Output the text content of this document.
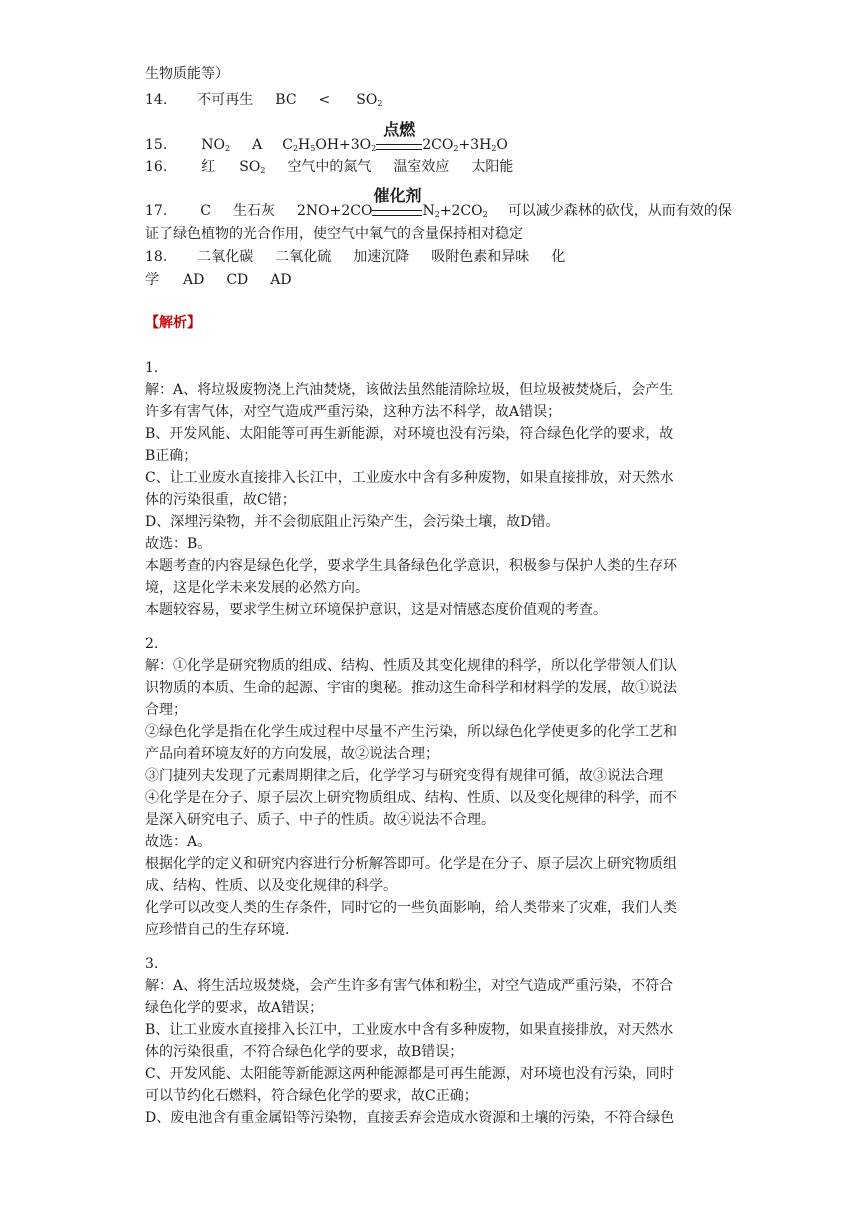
生物质能等）
14. 不可再生 BC < $SO_2$
15. $NO_2$ A $C_2H_5OH+3O_2$
点燃
$2CO_2+3H_2O$
16. 红 $SO_2$ 空气中的氮气 温室效应 太阳能
17. C 生石灰 2NO+2CO
催化剂
$N_2+2CO_2$ 可以减少森林的砍伐，从而有效的保
证了绿色植物的光合作用，使空气中氧气的含量保持相对稳定
18. 二氧化碳 二氧化硫 加速沉降 吸附色素和异味 化
学 AD CD AD
【解析】
1.
解：A、将垃圾废物浇上汽油焚烧，该做法虽然能清除垃圾，但垃圾被焚烧后，会产生
许多有害气体，对空气造成严重污染，这种方法不科学，故A错误；
B、开发风能、太阳能等可再生新能源，对环境也没有污染，符合绿色化学的要求，故
B正确；
C、让工业废水直接排入长江中，工业废水中含有多种废物，如果直接排放，对天然水
体的污染很重，故C错；
D、深埋污染物，并不会彻底阻止污染产生，会污染土壤，故D错。
故选：B。
本题考查的内容是绿色化学，要求学生具备绿色化学意识，积极参与保护人类的生存环
境，这是化学未来发展的必然方向。
本题较容易，要求学生树立环境保护意识，这是对情感态度价值观的考查。
2.
解：①化学是研究物质的组成、结构、性质及其变化规律的科学，所以化学带领人们认
识物质的本质、生命的起源、宇宙的奥秘。推动这生命科学和材料学的发展，故①说法
合理；
②绿色化学是指在化学生成过程中尽量不产生污染，所以绿色化学使更多的化学工艺和
产品向着环境友好的方向发展，故②说法合理；
③门捷列夫发现了元素周期律之后，化学学习与研究变得有规律可循，故③说法合理
④化学是在分子、原子层次上研究物质组成、结构、性质、以及变化规律的科学，而不
是深入研究电子、质子、中子的性质。故④说法不合理。
故选：A。
根据化学的定义和研究内容进行分析解答即可。化学是在分子、原子层次上研究物质组
成、结构、性质、以及变化规律的科学。
化学可以改变人类的生存条件，同时它的一些负面影响，给人类带来了灾难，我们人类
应珍惜自己的生存环境.
3.
解：A、将生活垃圾焚烧，会产生许多有害气体和粉尘，对空气造成严重污染，不符合
绿色化学的要求，故A错误；
B、让工业废水直接排入长江中，工业废水中含有多种废物，如果直接排放，对天然水
体的污染很重，不符合绿色化学的要求，故B错误；
C、开发风能、太阳能等新能源这两种能源都是可再生能源，对环境也没有污染，同时
可以节约化石燃料，符合绿色化学的要求，故C正确；
D、废电池含有重金属铅等污染物，直接丢弃会造成水资源和土壤的污染，不符合绿色
